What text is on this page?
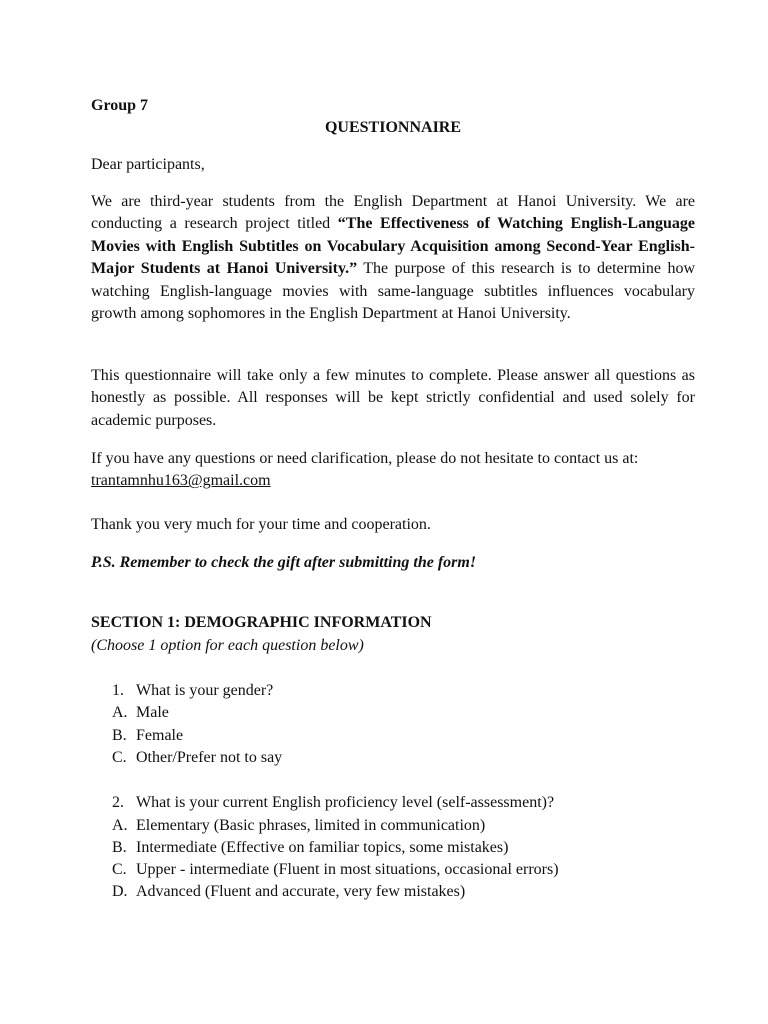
Group 7
QUESTIONNAIRE

Dear participants,

We are third-year students from the English Department at Hanoi University. We are conducting a research project titled “The Effectiveness of Watching English-Language Movies with English Subtitles on Vocabulary Acquisition among Second-Year English-Major Students at Hanoi University.” The purpose of this research is to determine how watching English-language movies with same-language subtitles influences vocabulary growth among sophomores in the English Department at Hanoi University.

This questionnaire will take only a few minutes to complete. Please answer all questions as honestly as possible. All responses will be kept strictly confidential and used solely for academic purposes.

If you have any questions or need clarification, please do not hesitate to contact us at:
trantamnhu163@gmail.com

Thank you very much for your time and cooperation.

P.S. Remember to check the gift after submitting the form!

SECTION 1: DEMOGRAPHIC INFORMATION
(Choose 1 option for each question below)
1. What is your gender?
A. Male
B. Female
C. Other/Prefer not to say
2. What is your current English proficiency level (self-assessment)?
A. Elementary (Basic phrases, limited in communication)
B. Intermediate (Effective on familiar topics, some mistakes)
C. Upper - intermediate (Fluent in most situations, occasional errors)
D. Advanced (Fluent and accurate, very few mistakes)
